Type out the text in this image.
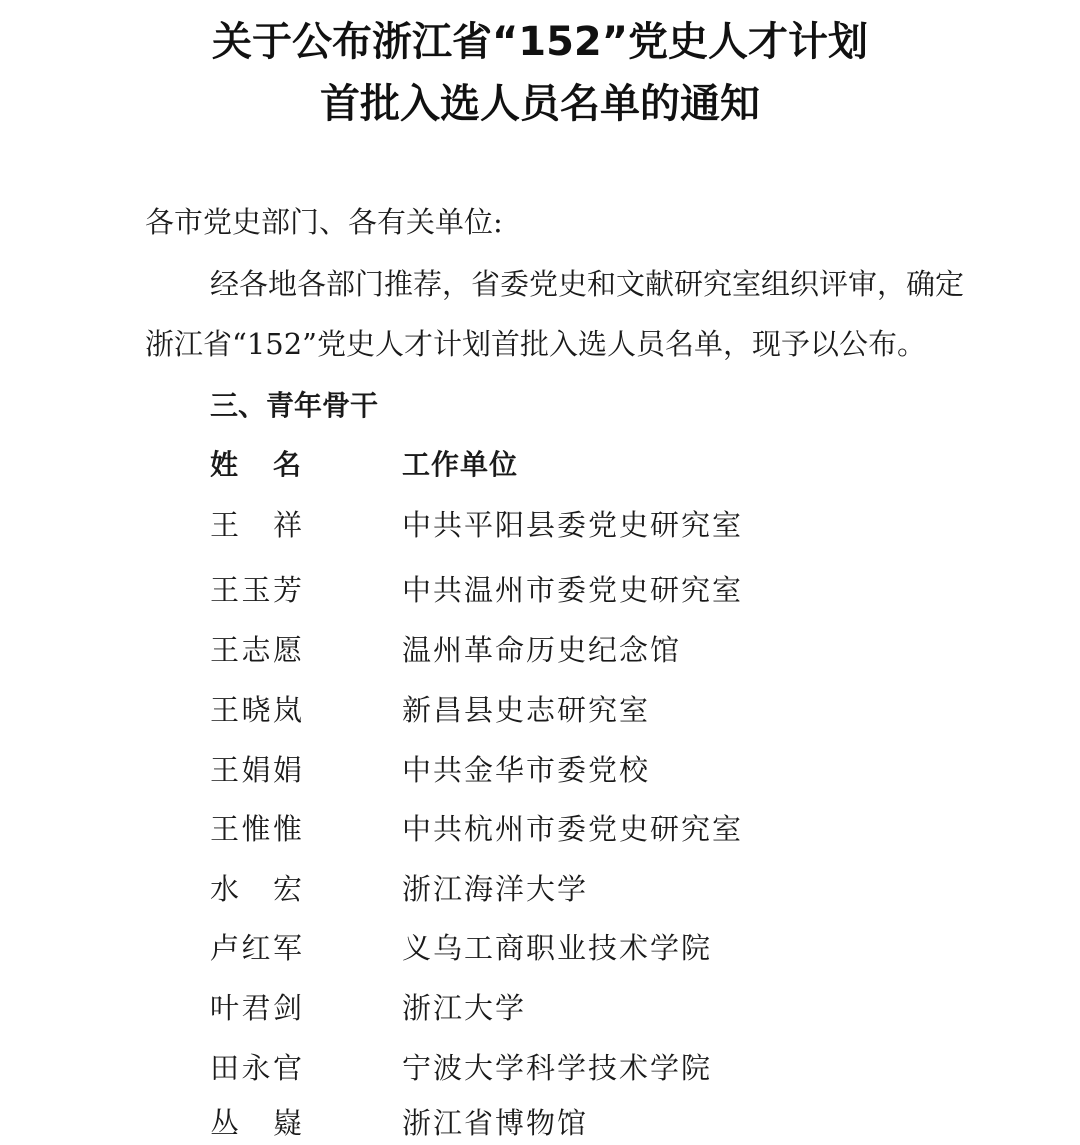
关于公布浙江省“152”党史人才计划
首批入选人员名单的通知
各市党史部门、各有关单位:
经各地各部门推荐，省委党史和文献研究室组织评审，确定
浙江省“152”党史人才计划首批入选人员名单，现予以公布。
三、青年骨干
姓名	工作单位
王祥	中共平阳县委党史研究室
王玉芳	中共温州市委党史研究室
王志愿	温州革命历史纪念馆
王晓岚	新昌县史志研究室
王娟娟	中共金华市委党校
王惟惟	中共杭州市委党史研究室
水宏	浙江海洋大学
卢红军	义乌工商职业技术学院
叶君剑	浙江大学
田永官	宁波大学科学技术学院
丛嶷	浙江省博物馆
